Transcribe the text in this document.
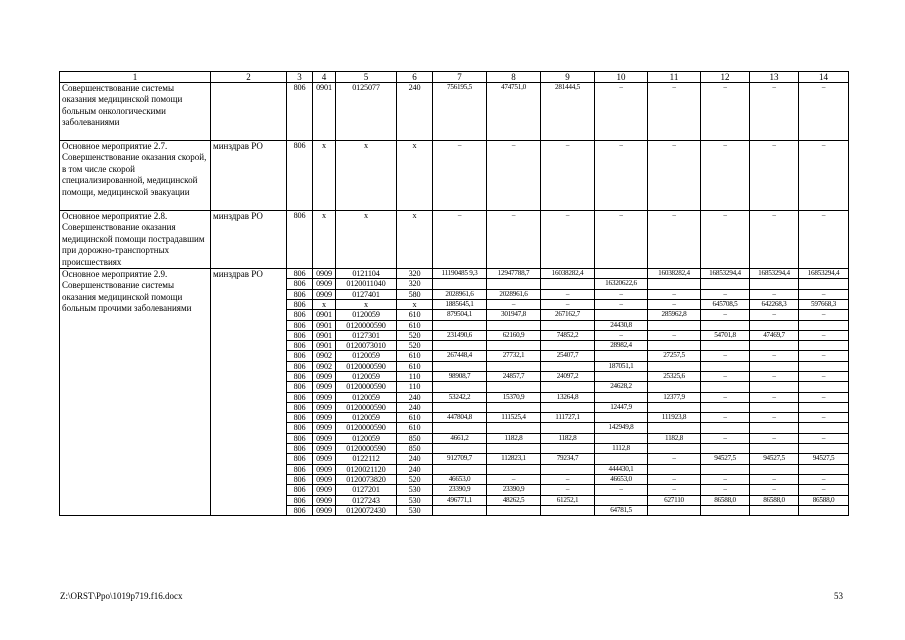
1	2	3	4	5	6	7	8	9	10	11	12	13	14
Совершенствование системы оказания медицинской помощи больным онкологическими заболеваниями		806	0901	0125077	240	756195,5	474751,0	281444,5	–	–	–	–	–
Основное мероприятие 2.7. Совершенствование оказания скорой, в том числе скорой специализированной, медицинской помощи, медицинской эвакуации	минздрав РО	806	х	х	х	–	–	–	–	–	–	–	–
Основное мероприятие 2.8. Совершенствование оказания медицинской помощи пострадавшим при дорожно-транспортных происшествиях	минздрав РО	806	х	х	х	–	–	–	–	–	–	–	–
Основное мероприятие 2.9. Совершенствование системы оказания медицинской помощи больным прочими заболеваниями	минздрав РО	806	0909	0121104	320	11190485 9,3	12947788,7	16038282,4		16038282,4	16853294,4	16853294,4	16853294,4
		806	0909	0120011040	320				16320622,6				
		806	0909	0127401	580	2028961,6	2028961,6	–	–	–	–	–	–
		806	х	х	х	1885645,1	–	–	–	–	645708,5	642268,3	597668,3
		806	0901	0120059	610	879504,1	301947,8	267162,7		285962,8	–	–	–
		806	0901	0120000590	610				24430,8				
		806	0901	0127301	520	231490,6	62160,9	74852,2	–	–	54701,8	47469,7	–
		806	0901	0120073010	520				28982,4				
		806	0902	0120059	610	267448,4	27732,1	25407,7		27257,5	–	–	–
		806	0902	0120000590	610				187051,1				
		806	0909	0120059	110	98908,7	24857,7	24097,2		25325,6	–	–	–
		806	0909	0120000590	110				24628,2				
		806	0909	0120059	240	53242,2	15370,9	13264,8		12377,9	–	–	–
		806	0909	0120000590	240				12447,9				
		806	0909	0120059	610	447804,8	111525,4	111727,1		111923,8	–	–	–
		806	0909	0120000590	610				142949,8				
		806	0909	0120059	850	4661,2	1182,8	1182,8		1182,8	–	–	–
		806	0909	0120000590	850				1112,8				
		806	0909	0122112	240	912709,7	112823,1	79234,7		–	94527,5	94527,5	94527,5
		806	0909	0120021120	240				444430,1				
		806	0909	0120073820	520	46653,0	–	–	46653,0	–	–	–	–
		806	0909	0127201	530	23390,9	23390,9	–	–	–	–	–	–
		806	0909	0127243	530	496771,1	48262,5	61252,1		627110	86588,0	86588,0	86588,0
		806	0909	0120072430	530				64781,5				
Z:\ORST\Ppo\1019p719.f16.docx	53
